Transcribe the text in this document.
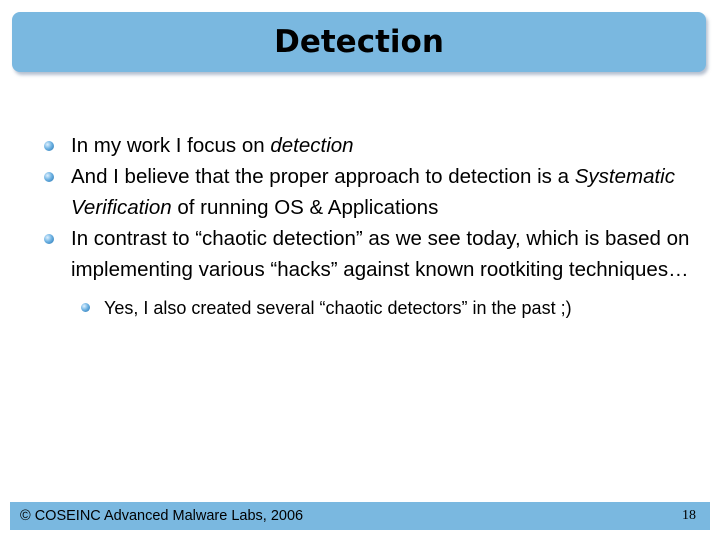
Detection
In my work I focus on detection
And I believe that the proper approach to detection is a Systematic Verification of running OS & Applications
In contrast to “chaotic detection” as we see today, which is based on implementing various “hacks” against known rootkiting techniques…
Yes, I also created several “chaotic detectors” in the past ;)
© COSEINC Advanced Malware Labs, 2006	18
